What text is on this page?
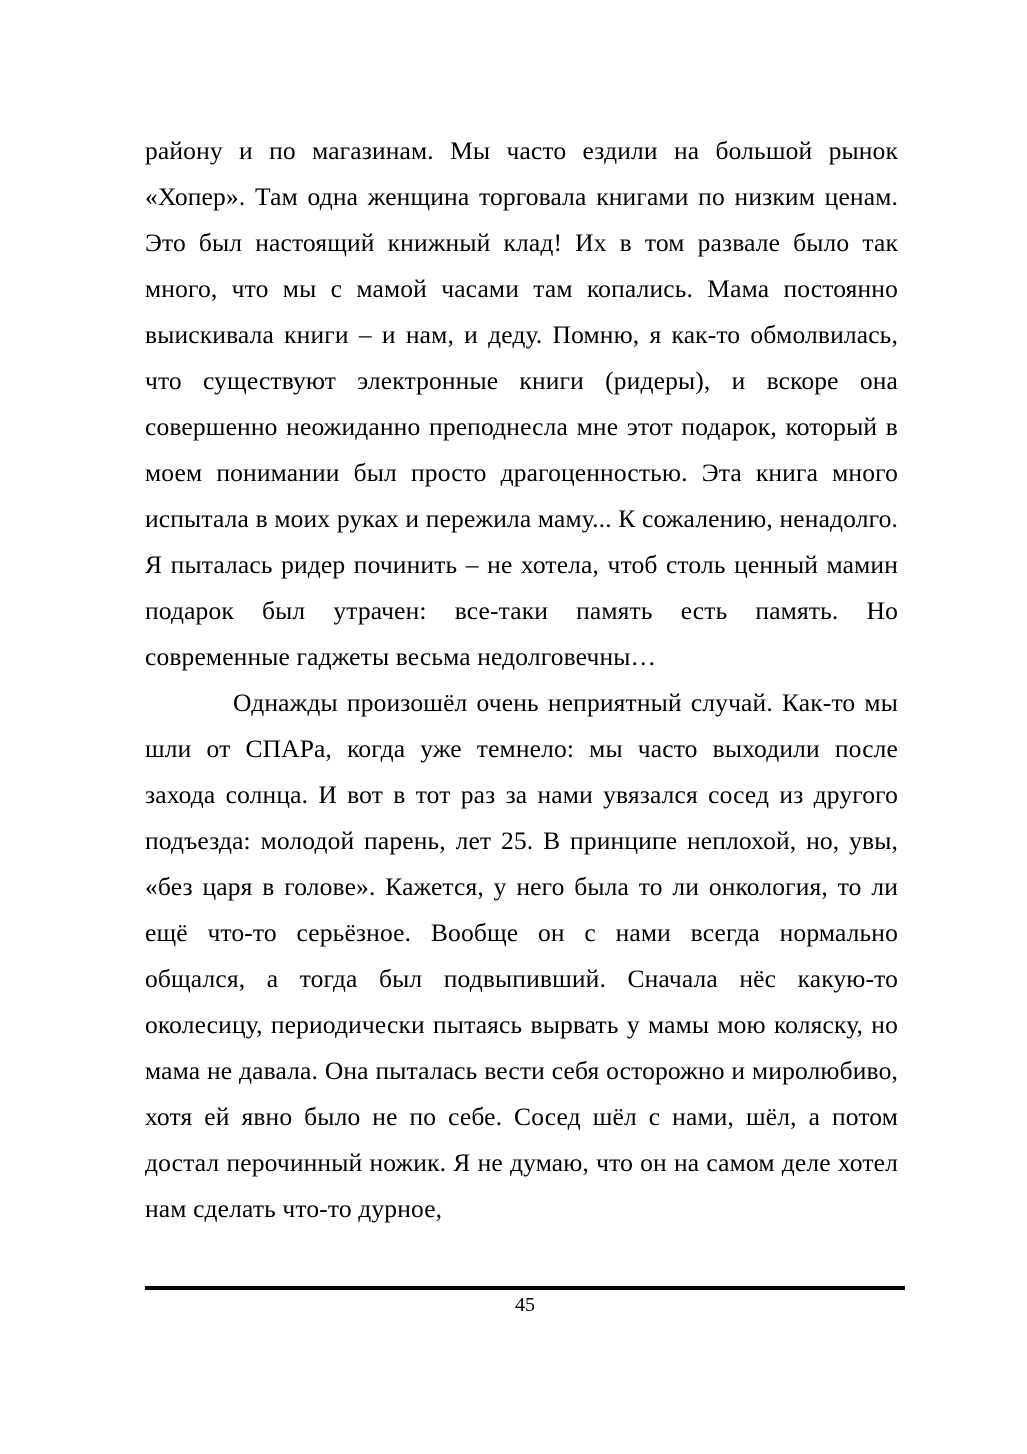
району и по магазинам. Мы часто ездили на большой рынок «Хопер». Там одна женщина торговала книгами по низким ценам. Это был настоящий книжный клад! Их в том развале было так много, что мы с мамой часами там копались. Мама постоянно выискивала книги – и нам, и деду. Помню, я как-то обмолвилась, что существуют электронные книги (ридеры), и вскоре она совершенно неожиданно преподнесла мне этот подарок, который в моем понимании был просто драгоценностью. Эта книга много испытала в моих руках и пережила маму... К сожалению, ненадолго. Я пыталась ридер починить – не хотела, чтоб столь ценный мамин подарок был утрачен: все-таки память есть память. Но современные гаджеты весьма недолговечны…

Однажды произошёл очень неприятный случай. Как-то мы шли от СПАРа, когда уже темнело: мы часто выходили после захода солнца. И вот в тот раз за нами увязался сосед из другого подъезда: молодой парень, лет 25. В принципе неплохой, но, увы, «без царя в голове». Кажется, у него была то ли онкология, то ли ещё что-то серьёзное. Вообще он с нами всегда нормально общался, а тогда был подвыпивший. Сначала нёс какую-то околесицу, периодически пытаясь вырвать у мамы мою коляску, но мама не давала. Она пыталась вести себя осторожно и миролюбиво, хотя ей явно было не по себе. Сосед шёл с нами, шёл, а потом достал перочинный ножик. Я не думаю, что он на самом деле хотел нам сделать что-то дурное,

45
